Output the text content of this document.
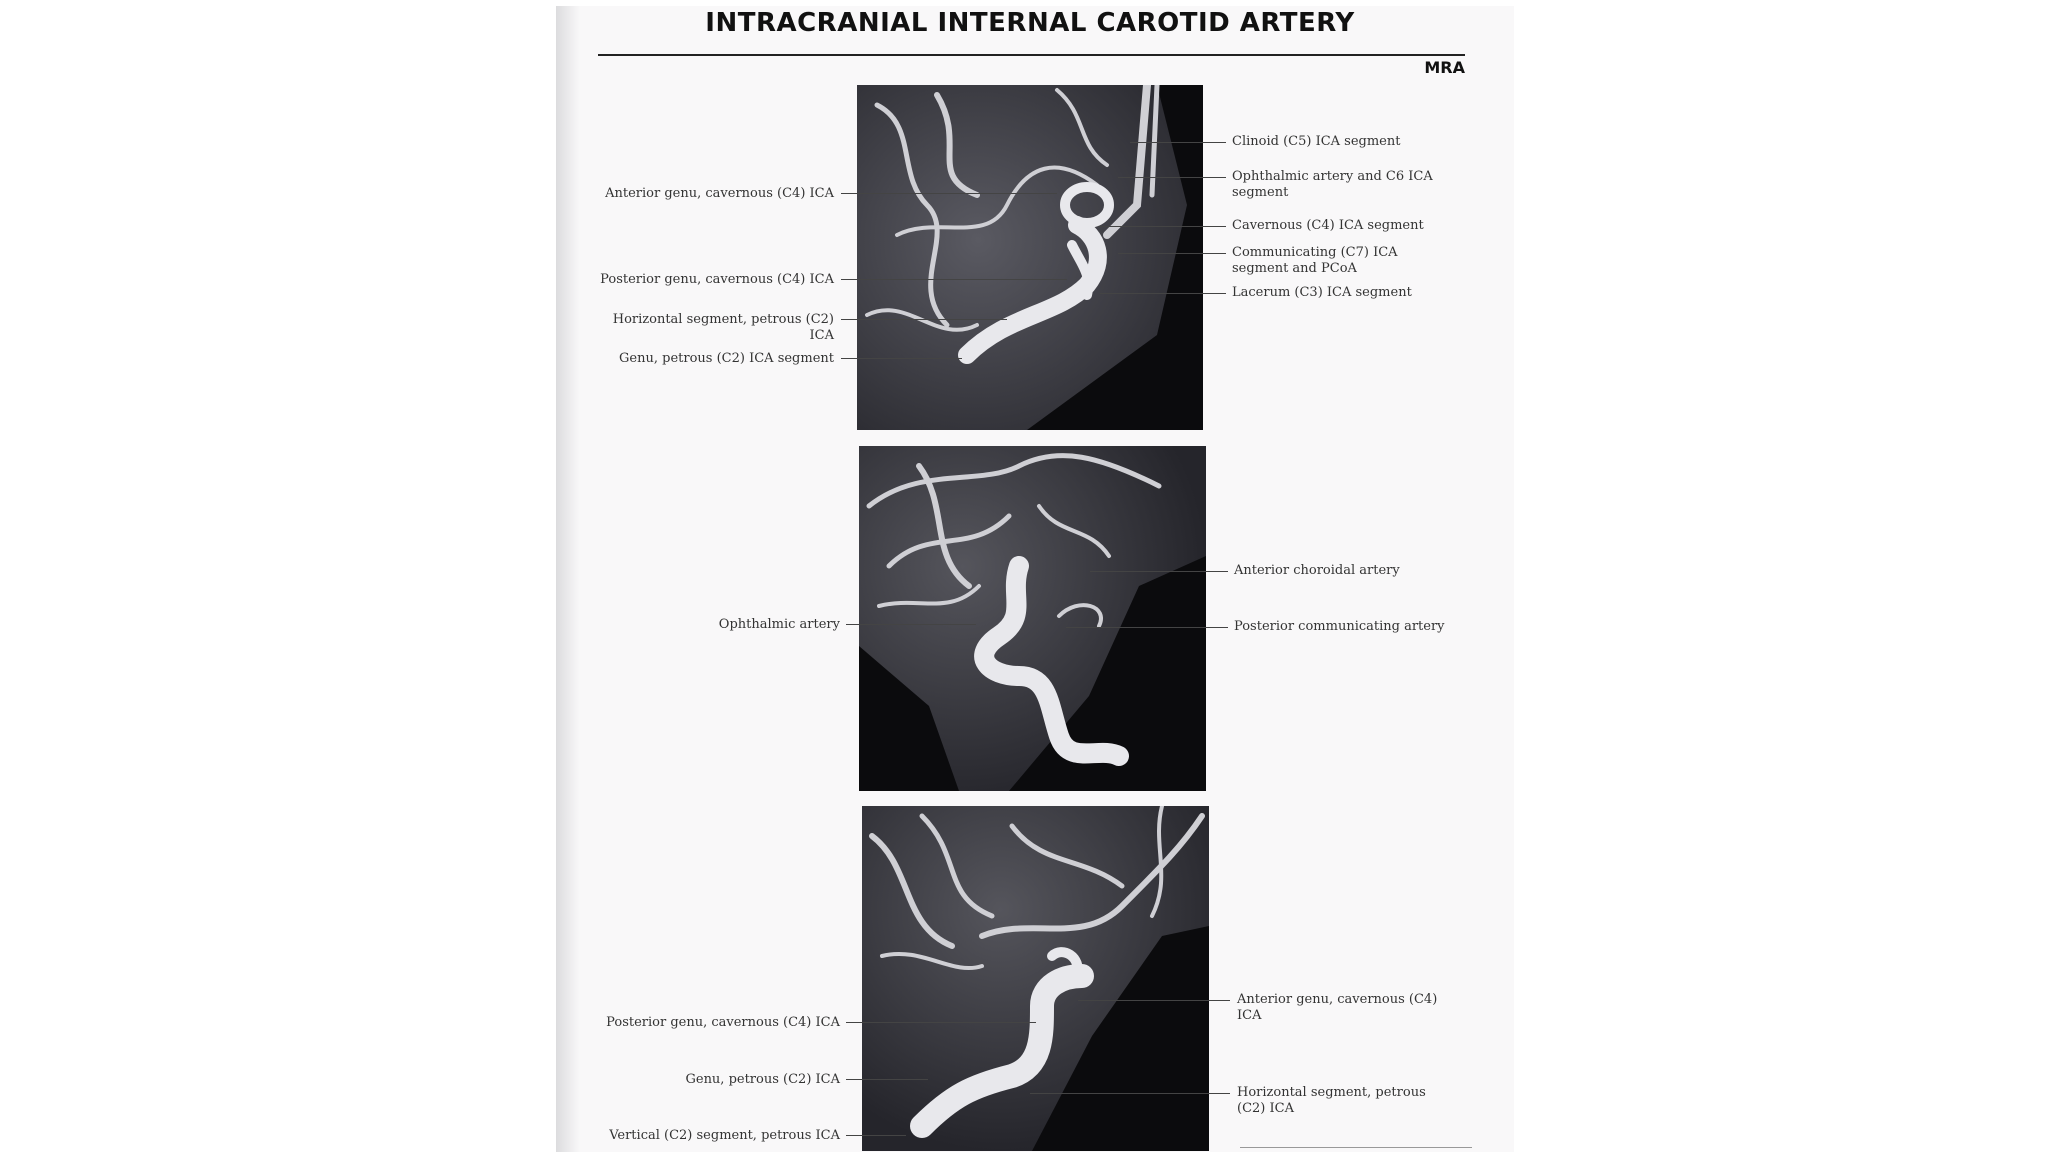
INTRACRANIAL INTERNAL CAROTID ARTERY
MRA
Anterior genu, cavernous (C4) ICA
Posterior genu, cavernous (C4) ICA
Horizontal segment, petrous (C2) ICA
Genu, petrous (C2) ICA segment
Clinoid (C5) ICA segment
Ophthalmic artery and C6 ICA segment
Cavernous (C4) ICA segment
Communicating (C7) ICA segment and PCoA
Lacerum (C3) ICA segment
Ophthalmic artery
Anterior choroidal artery
Posterior communicating artery
Posterior genu, cavernous (C4) ICA
Genu, petrous (C2) ICA
Vertical (C2) segment, petrous ICA
Anterior genu, cavernous (C4) ICA
Horizontal segment, petrous (C2) ICA
